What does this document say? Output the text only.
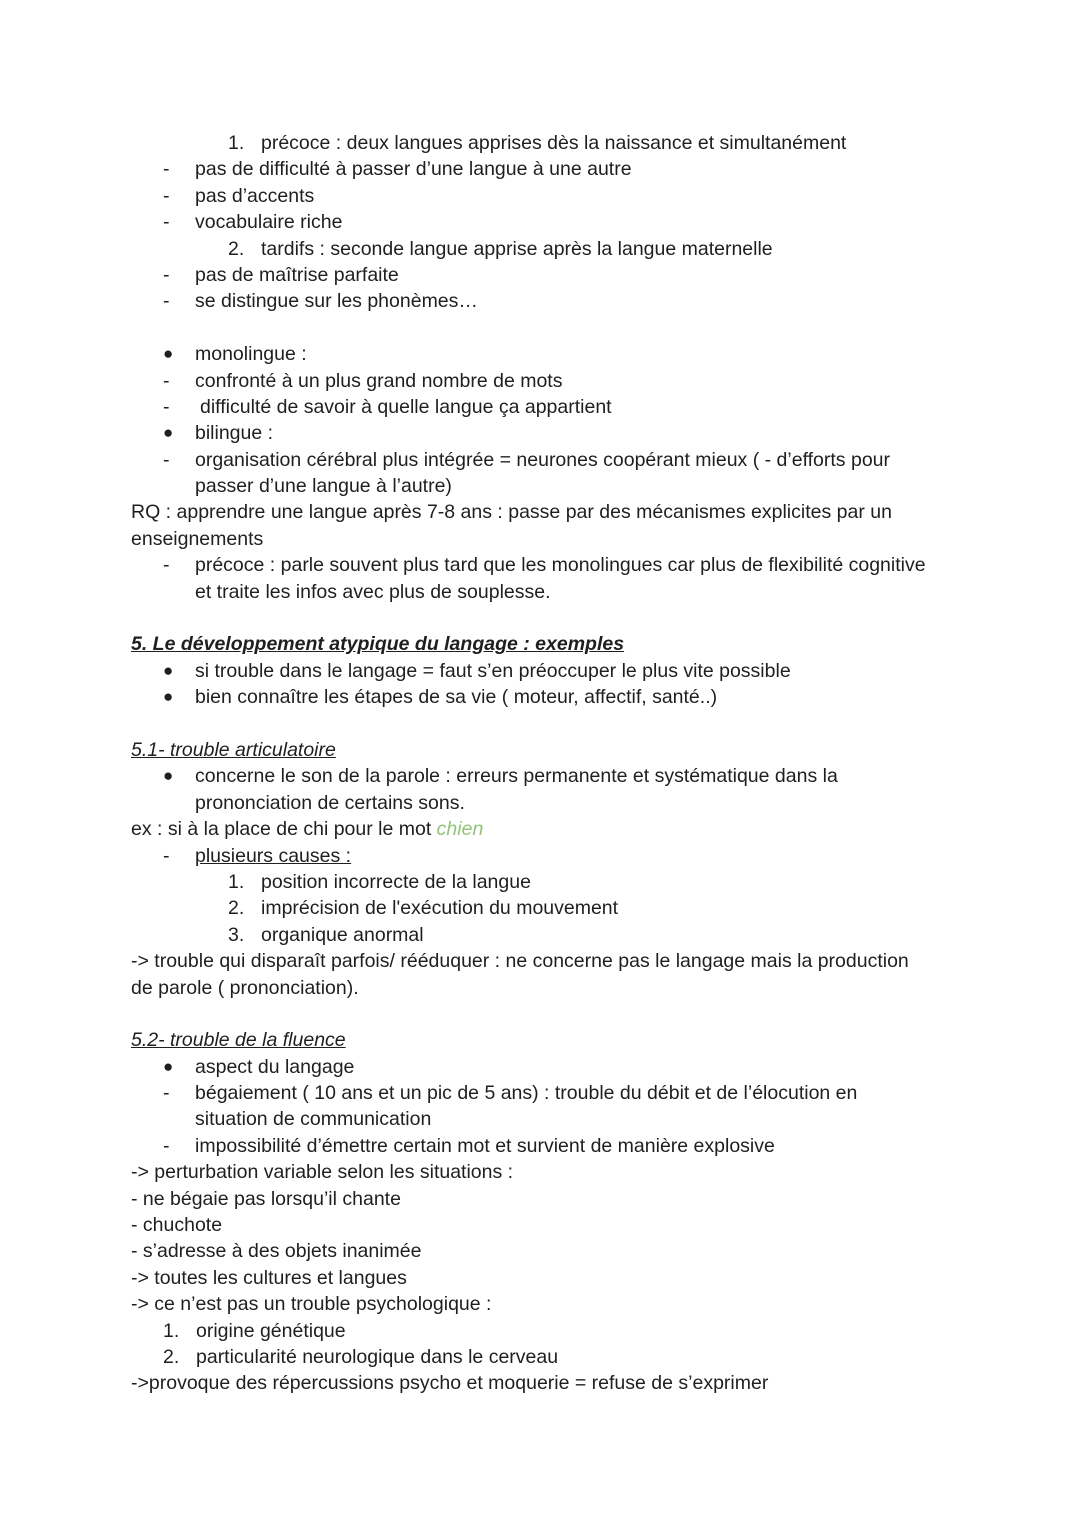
1. précoce : deux langues apprises dès la naissance et simultanément
- pas de difficulté à passer d’une langue à une autre
- pas d’accents
- vocabulaire riche
2. tardifs : seconde langue apprise après la langue maternelle
- pas de maîtrise parfaite
- se distingue sur les phonèmes…
● monolingue :
- confronté à un plus grand nombre de mots
- difficulté de savoir à quelle langue ça appartient
● bilingue :
- organisation cérébral plus intégrée = neurones coopérant mieux ( - d’efforts pour
passer d’une langue à l’autre)
RQ : apprendre une langue après 7-8 ans : passe par des mécanismes explicites par un
enseignements
- précoce : parle souvent plus tard que les monolingues car plus de flexibilité cognitive
et traite les infos avec plus de souplesse.
5. Le développement atypique du langage : exemples
● si trouble dans le langage = faut s’en préoccuper le plus vite possible
● bien connaître les étapes de sa vie ( moteur, affectif, santé..)
5.1- trouble articulatoire
● concerne le son de la parole : erreurs permanente et systématique dans la
prononciation de certains sons.
ex : si à la place de chi pour le mot chien
- plusieurs causes :
1. position incorrecte de la langue
2. imprécision de l'exécution du mouvement
3. organique anormal
-> trouble qui disparaît parfois/ rééduquer : ne concerne pas le langage mais la production
de parole ( prononciation).
5.2- trouble de la fluence
● aspect du langage
- bégaiement ( 10 ans et un pic de 5 ans) : trouble du débit et de l’élocution en
situation de communication
- impossibilité d’émettre certain mot et survient de manière explosive
-> perturbation variable selon les situations :
- ne bégaie pas lorsqu’il chante
- chuchote
- s’adresse à des objets inanimée
-> toutes les cultures et langues
-> ce n’est pas un trouble psychologique :
1. origine génétique
2. particularité neurologique dans le cerveau
->provoque des répercussions psycho et moquerie = refuse de s’exprimer
